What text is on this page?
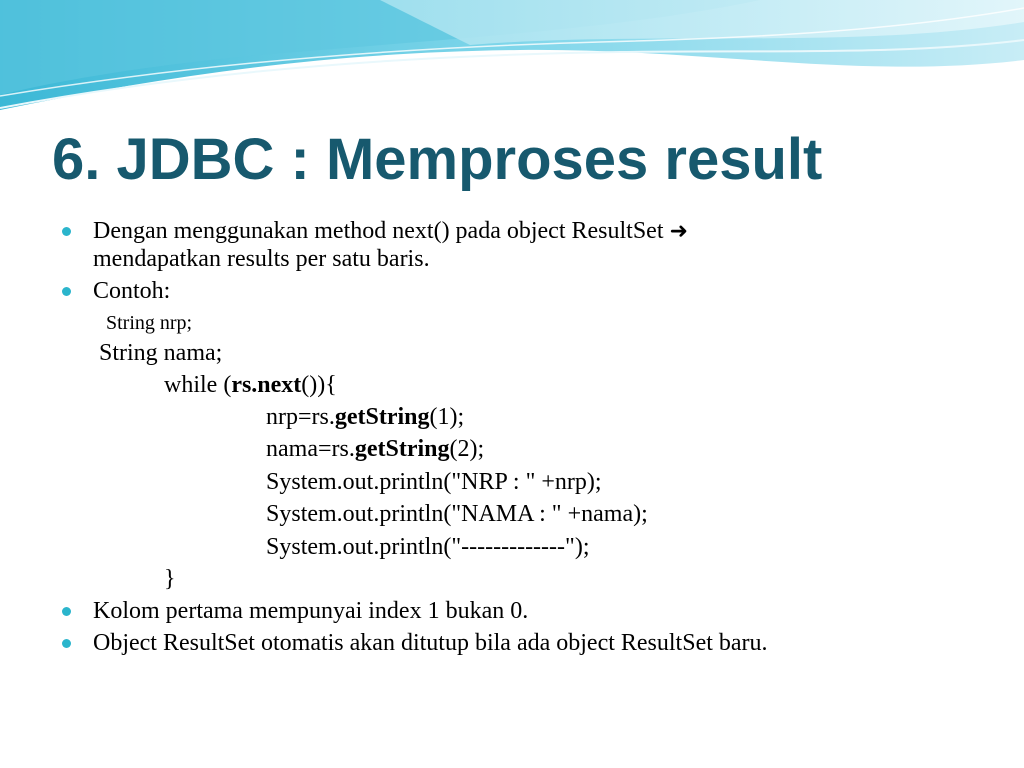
6. JDBC : Memproses result
Dengan menggunakan method next() pada object ResultSet ➜
mendapatkan results per satu baris.
Contoh:
String nrp;
String nama;
while (rs.next()){
nrp=rs.getString(1);
nama=rs.getString(2);
System.out.println("NRP : " +nrp);
System.out.println("NAMA : " +nama);
System.out.println("-------------");
}
Kolom pertama mempunyai index 1 bukan 0.
Object ResultSet otomatis akan ditutup bila ada object ResultSet baru.
